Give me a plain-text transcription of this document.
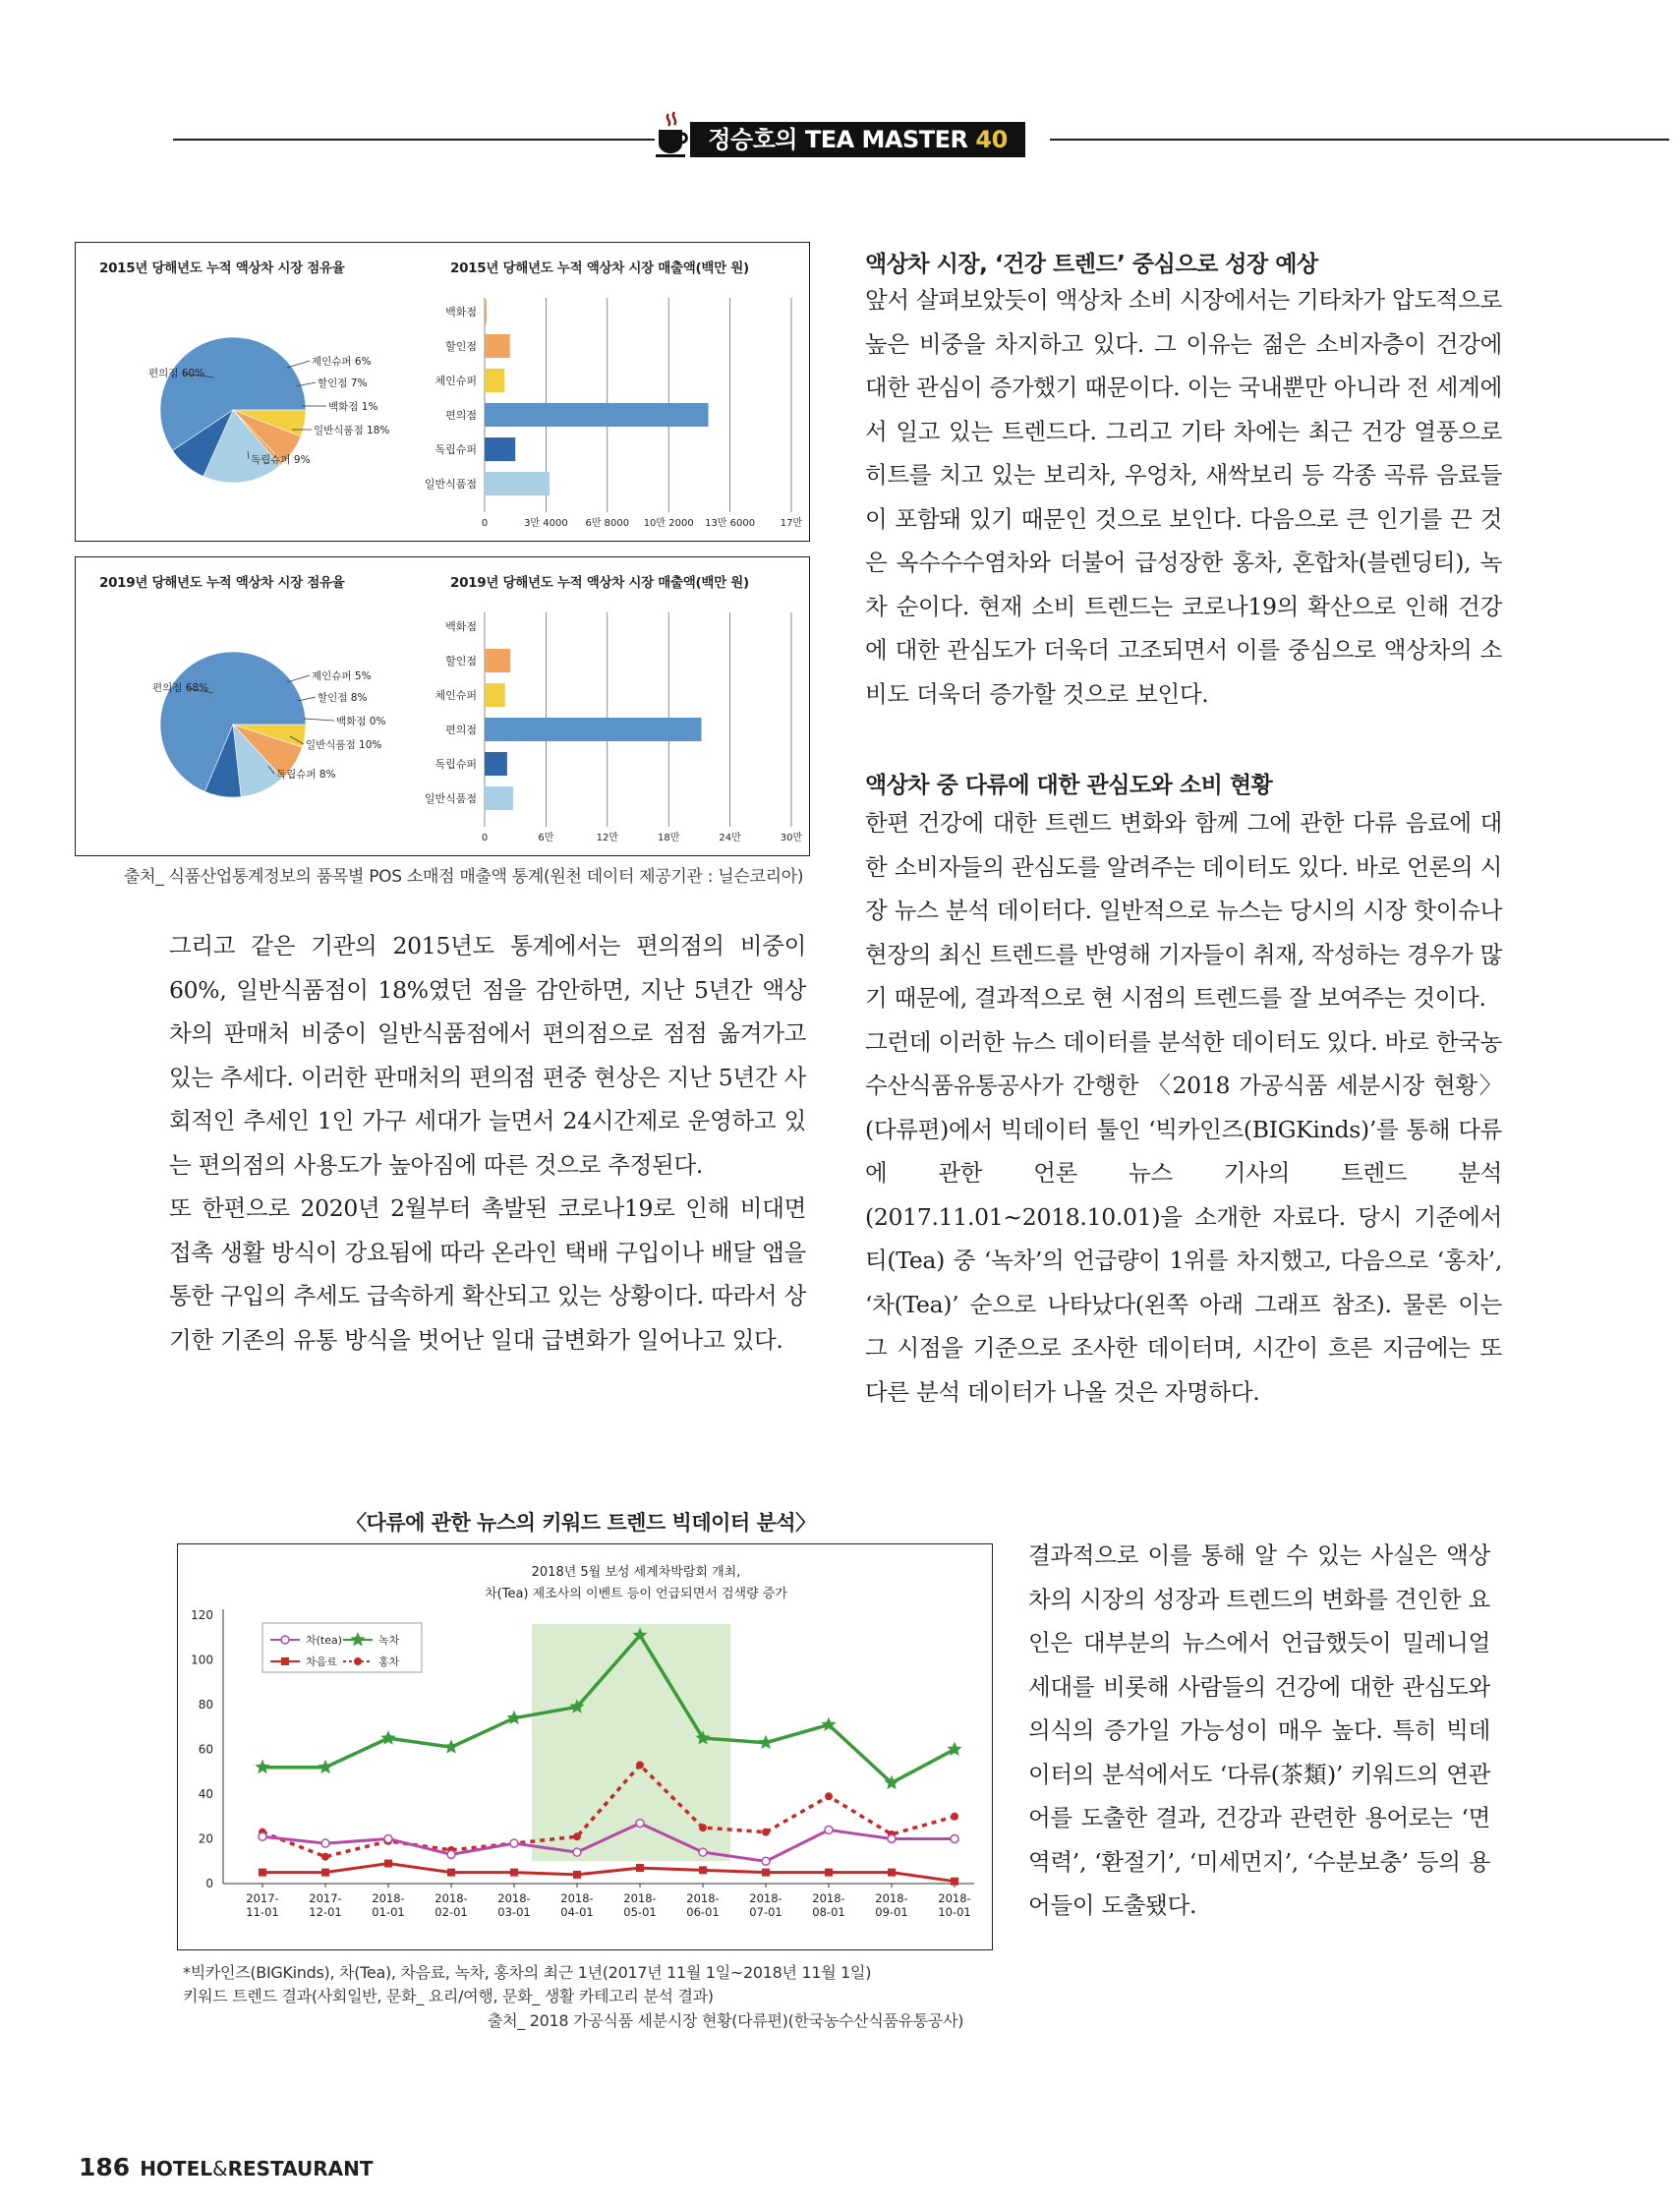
정승호의 TEA MASTER 40
2015년 당해년도 누적 액상차 시장 점유율	2015년 당해년도 누적 액상차 시장 매출액(백만 원)
편의점 60%
제인슈퍼 6%
할인점 7%
백화점 1%
일반식품점 18%
독립슈퍼 9%
0	3만 4000 6만 8000 10만 2000 13만 6000	17만
백화점
할인점
체인슈퍼
편의점
독립슈퍼
일반식품점
2019년 당해년도 누적 액상차 시장 점유율	2019년 당해년도 누적 액상차 시장 매출액(백만 원)
편의점 68%
제인슈퍼 5%
할인점 8%
백화점 0%
일반식품점 10%
독립슈퍼 8%
0	6만	12만	18만	24만	30만
백화점
할인점
체인슈퍼
편의점
독립슈퍼
일반식품점
출처_ 식품산업통계정보의 품목별 POS 소매점 매출액 통계(원천 데이터 제공기관 : 닐슨코리아)

그리고 같은 기관의 2015년도 통계에서는 편의점의 비중이 60%, 일반식품점이 18%였던 점을 감안하면, 지난 5년간 액상차의 판매처 비중이 일반식품점에서 편의점으로 점점 옮겨가고 있는 추세다. 이러한 판매처의 편의점 편중 현상은 지난 5년간 사회적인 추세인 1인 가구 세대가 늘면서 24시간제로 운영하고 있는 편의점의 사용도가 높아짐에 따른 것으로 추정된다.

또 한편으로 2020년 2월부터 촉발된 코로나19로 인해 비대면 접촉 생활 방식이 강요됨에 따라 온라인 택배 구입이나 배달 앱을 통한 구입의 추세도 급속하게 확산되고 있는 상황이다. 따라서 상기한 기존의 유통 방식을 벗어난 일대 급변화가 일어나고 있다.

액상차 시장, ‘건강 트렌드’ 중심으로 성장 예상

앞서 살펴보았듯이 액상차 소비 시장에서는 기타차가 압도적으로 높은 비중을 차지하고 있다. 그 이유는 젊은 소비자층이 건강에 대한 관심이 증가했기 때문이다. 이는 국내뿐만 아니라 전 세계에서 일고 있는 트렌드다. 그리고 기타 차에는 최근 건강 열풍으로 히트를 치고 있는 보리차, 우엉차, 새싹보리 등 각종 곡류 음료들이 포함돼 있기 때문인 것으로 보인다. 다음으로 큰 인기를 끈 것은 옥수수수염차와 더불어 급성장한 홍차, 혼합차(블렌딩티), 녹차 순이다. 현재 소비 트렌드는 코로나19의 확산으로 인해 건강에 대한 관심도가 더욱더 고조되면서 이를 중심으로 액상차의 소비도 더욱더 증가할 것으로 보인다.

액상차 중 다류에 대한 관심도와 소비 현황

한편 건강에 대한 트렌드 변화와 함께 그에 관한 다류 음료에 대한 소비자들의 관심도를 알려주는 데이터도 있다. 바로 언론의 시장 뉴스 분석 데이터다. 일반적으로 뉴스는 당시의 시장 핫이슈나 현장의 최신 트렌드를 반영해 기자들이 취재, 작성하는 경우가 많기 때문에, 결과적으로 현 시점의 트렌드를 잘 보여주는 것이다.

그런데 이러한 뉴스 데이터를 분석한 데이터도 있다. 바로 한국농수산식품유통공사가 간행한 〈2018 가공식품 세분시장 현황〉(다류편)에서 빅데이터 툴인 ‘빅카인즈(BIGKinds)’를 통해 다류에 관한 언론 뉴스 기사의 트렌드 분석(2017.11.01~2018.10.01)을 소개한 자료다. 당시 기준에서 티(Tea) 중 ‘녹차’의 언급량이 1위를 차지했고, 다음으로 ‘홍차’, ‘차(Tea)’ 순으로 나타났다(왼쪽 아래 그래프 참조). 물론 이는 그 시점을 기준으로 조사한 데이터며, 시간이 흐른 지금에는 또 다른 분석 데이터가 나올 것은 자명하다.

〈다류에 관한 뉴스의 키워드 트렌드 빅데이터 분석〉
0
20
40
60
80
100
120
2017-
11-01
2017-
12-01
2018-
01-01
2018-
02-01
2018-
03-01
2018-
04-01
2018-
05-01
2018-
06-01
2018-
07-01
2018-
08-01
2018-
09-01
2018-
10-01
2018년 5월 보성 세계차박람회 개최,
차(Tea) 제조사의 이벤트 등이 언급되면서 검색량 증가
차(tea)	녹차
차음료	홍차
*빅카인즈(BIGKinds), 차(Tea), 차음료, 녹차, 홍차의 최근 1년(2017년 11월 1일~2018년 11월 1일)
키워드 트렌드 결과(사회일반, 문화_ 요리/여행, 문화_ 생활 카테고리 분석 결과)
출처_ 2018 가공식품 세분시장 현황(다류편)(한국농수산식품유통공사)

결과적으로 이를 통해 알 수 있는 사실은 액상차의 시장의 성장과 트렌드의 변화를 견인한 요인은 대부분의 뉴스에서 언급했듯이 밀레니얼 세대를 비롯해 사람들의 건강에 대한 관심도와 의식의 증가일 가능성이 매우 높다. 특히 빅데이터의 분석에서도 ‘다류(茶類)’ 키워드의 연관어를 도출한 결과, 건강과 관련한 용어로는 ‘면역력’, ‘환절기’, ‘미세먼지’, ‘수분보충’ 등의 용어들이 도출됐다.

186 HOTEL&RESTAURANT
